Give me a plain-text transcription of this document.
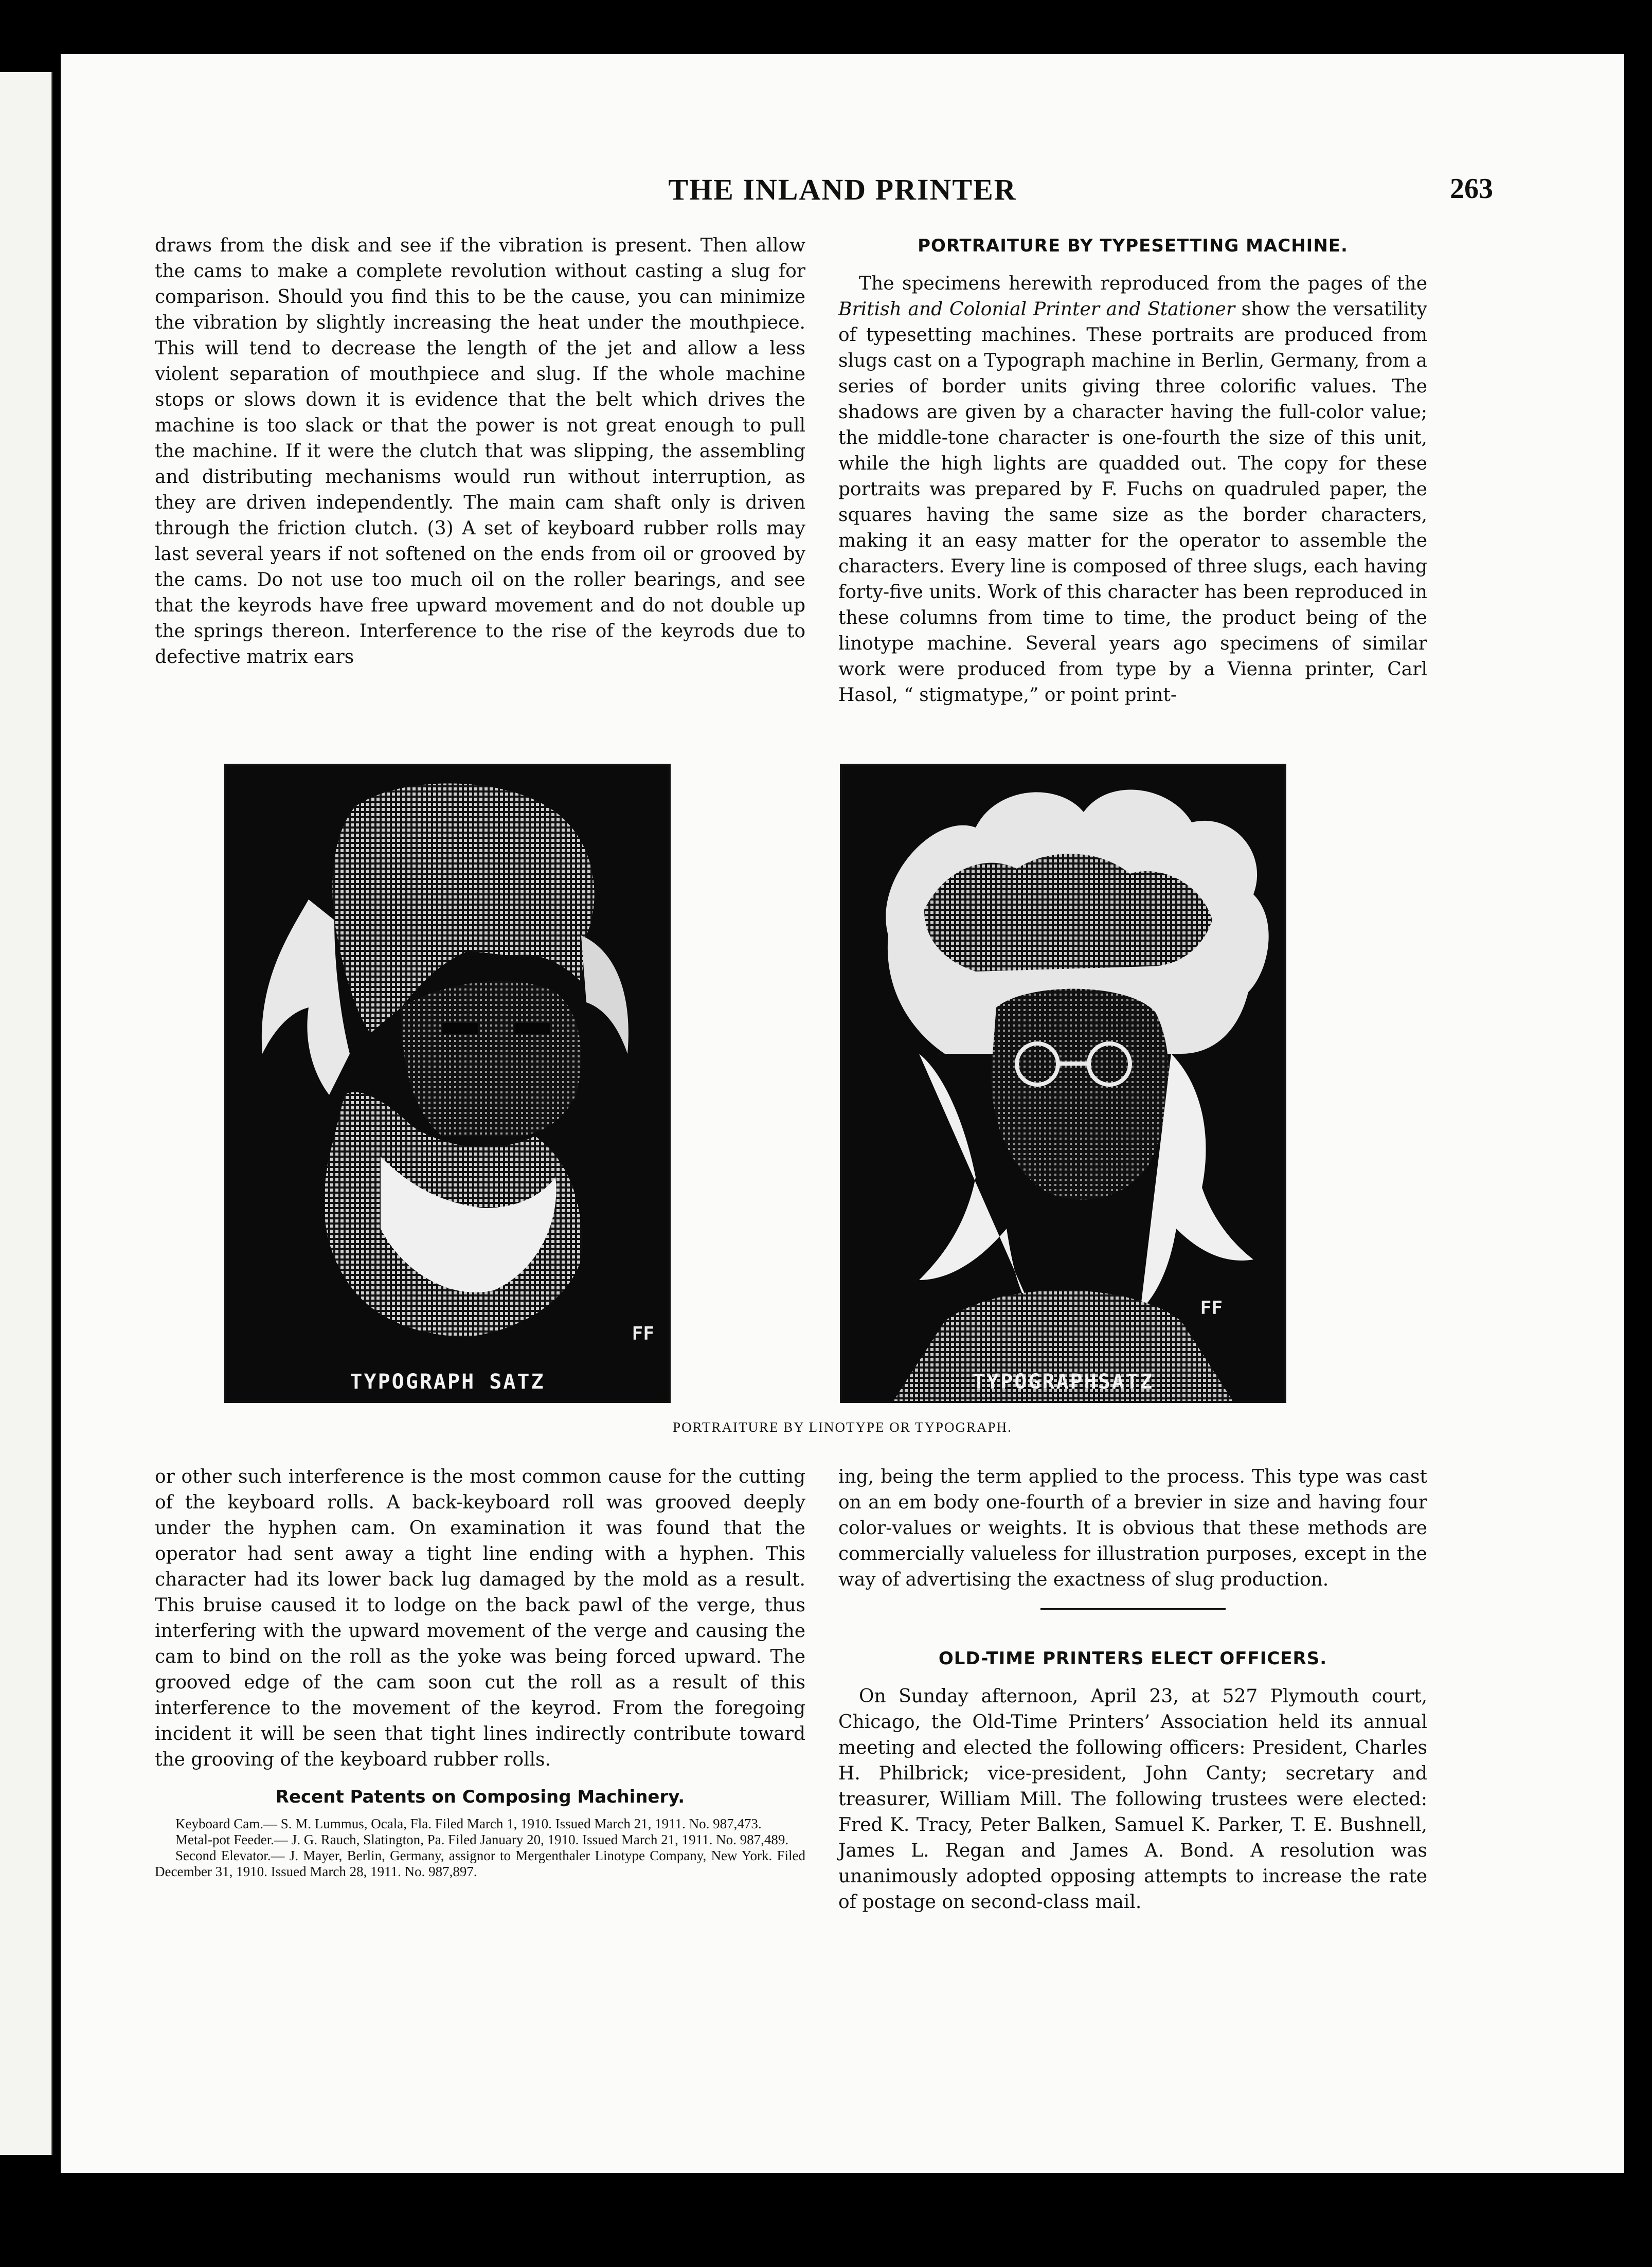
THE INLAND PRINTER	263

draws from the disk and see if the vibration is present. Then allow the cams to make a complete revolution without casting a slug for comparison. Should you find this to be the cause, you can minimize the vibration by slightly increasing the heat under the mouthpiece. This will tend to decrease the length of the jet and allow a less violent separation of mouthpiece and slug. If the whole machine stops or slows down it is evidence that the belt which drives the machine is too slack or that the power is not great enough to pull the machine. If it were the clutch that was slipping, the assembling and distributing mechanisms would run without interruption, as they are driven independently. The main cam shaft only is driven through the friction clutch. (3) A set of keyboard rubber rolls may last several years if not softened on the ends from oil or grooved by the cams. Do not use too much oil on the roller bearings, and see that the keyrods have free upward movement and do not double up the springs thereon. Interference to the rise of the keyrods due to defective matrix ears

PORTRAITURE BY TYPESETTING MACHINE.

The specimens herewith reproduced from the pages of the British and Colonial Printer and Stationer show the versatility of typesetting machines. These portraits are produced from slugs cast on a Typograph machine in Berlin, Germany, from a series of border units giving three colorific values. The shadows are given by a character having the full-color value; the middle-tone character is one-fourth the size of this unit, while the high lights are quadded out. The copy for these portraits was prepared by F. Fuchs on quadruled paper, the squares having the same size as the border characters, making it an easy matter for the operator to assemble the characters. Every line is composed of three slugs, each having forty-five units. Work of this character has been reproduced in these columns from time to time, the product being of the linotype machine. Several years ago specimens of similar work were produced from type by a Vienna printer, Carl Hasol, “ stigmatype,” or point print-

FF
TYPOGRAPH SATZ
FF
TYPOGRAPHSATZ
PORTRAITURE BY LINOTYPE OR TYPOGRAPH.

or other such interference is the most common cause for the cutting of the keyboard rolls. A back-keyboard roll was grooved deeply under the hyphen cam. On examination it was found that the operator had sent away a tight line ending with a hyphen. This character had its lower back lug damaged by the mold as a result. This bruise caused it to lodge on the back pawl of the verge, thus interfering with the upward movement of the verge and causing the cam to bind on the roll as the yoke was being forced upward. The grooved edge of the cam soon cut the roll as a result of this interference to the movement of the keyrod. From the foregoing incident it will be seen that tight lines indirectly contribute toward the grooving of the keyboard rubber rolls.

Recent Patents on Composing Machinery.

Keyboard Cam.— S. M. Lummus, Ocala, Fla. Filed March 1, 1910. Issued March 21, 1911. No. 987,473.

Metal-pot Feeder.— J. G. Rauch, Slatington, Pa. Filed January 20, 1910. Issued March 21, 1911. No. 987,489.

Second Elevator.— J. Mayer, Berlin, Germany, assignor to Mergenthaler Linotype Company, New York. Filed December 31, 1910. Issued March 28, 1911. No. 987,897.

ing, being the term applied to the process. This type was cast on an em body one-fourth of a brevier in size and having four color-values or weights. It is obvious that these methods are commercially valueless for illustration purposes, except in the way of advertising the exactness of slug production.

OLD-TIME PRINTERS ELECT OFFICERS.

On Sunday afternoon, April 23, at 527 Plymouth court, Chicago, the Old-Time Printers’ Association held its annual meeting and elected the following officers: President, Charles H. Philbrick; vice-president, John Canty; secretary and treasurer, William Mill. The following trustees were elected: Fred K. Tracy, Peter Balken, Samuel K. Parker, T. E. Bushnell, James L. Regan and James A. Bond. A resolution was unanimously adopted opposing attempts to increase the rate of postage on second-class mail.
